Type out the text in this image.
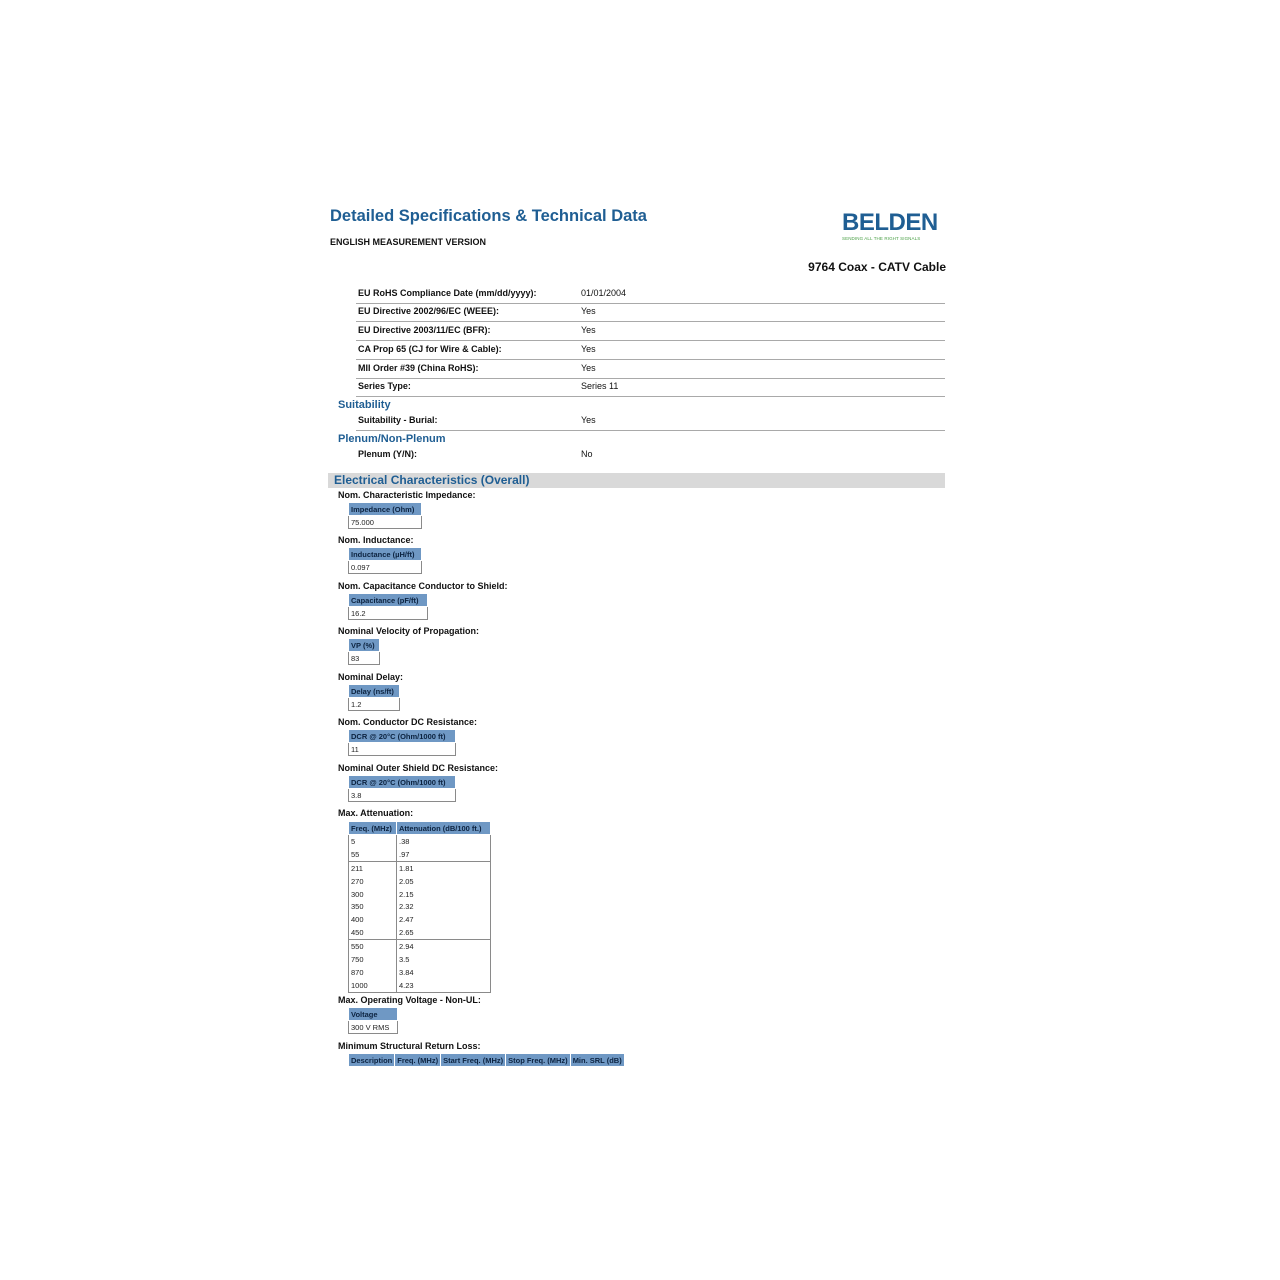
Detailed Specifications & Technical Data
ENGLISH MEASUREMENT VERSION
BELDEN
SENDING ALL THE RIGHT SIGNALS
9764 Coax - CATV Cable
EU RoHS Compliance Date (mm/dd/yyyy):	01/01/2004
EU Directive 2002/96/EC (WEEE):	Yes
EU Directive 2003/11/EC (BFR):	Yes
CA Prop 65 (CJ for Wire & Cable):	Yes
MII Order #39 (China RoHS):	Yes
Series Type:	Series 11
Suitability
Suitability - Burial:	Yes
Plenum/Non-Plenum
Plenum (Y/N):	No
Electrical Characteristics (Overall)
Nom. Characteristic Impedance:
Impedance (Ohm)
75.000
Nom. Inductance:
Inductance (µH/ft)
0.097
Nom. Capacitance Conductor to Shield:
Capacitance (pF/ft)
16.2
Nominal Velocity of Propagation:
VP (%)
83
Nominal Delay:
Delay (ns/ft)
1.2
Nom. Conductor DC Resistance:
DCR @ 20°C (Ohm/1000 ft)
11
Nominal Outer Shield DC Resistance:
DCR @ 20°C (Ohm/1000 ft)
3.8
Max. Attenuation:
Freq. (MHz)	Attenuation (dB/100 ft.)
5	.38
55	.97
211	1.81
270	2.05
300	2.15
350	2.32
400	2.47
450	2.65
550	2.94
750	3.5
870	3.84
1000	4.23
Max. Operating Voltage - Non-UL:
Voltage
300 V RMS
Minimum Structural Return Loss:
Description	Freq. (MHz)	Start Freq. (MHz)	Stop Freq. (MHz)	Min. SRL (dB)
